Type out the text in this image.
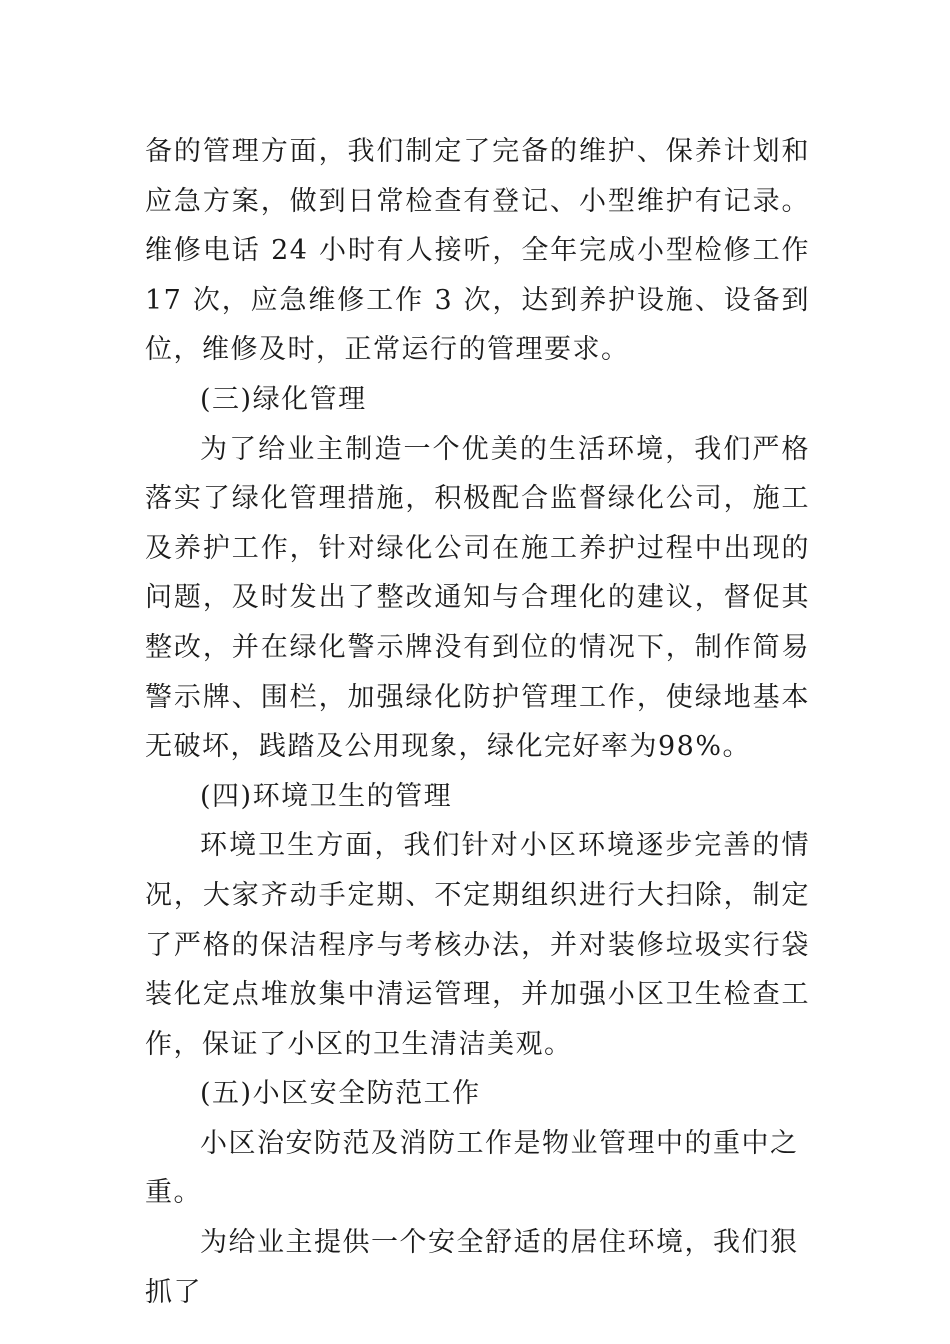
备的管理方面，我们制定了完备的维护、保养计划和应急方案，做到日常检查有登记、小型维护有记录。维修电话 24 小时有人接听，全年完成小型检修工作 17 次，应急维修工作 3 次，达到养护设施、设备到位，维修及时，正常运行的管理要求。

(三)绿化管理

为了给业主制造一个优美的生活环境，我们严格落实了绿化管理措施，积极配合监督绿化公司，施工及养护工作，针对绿化公司在施工养护过程中出现的问题，及时发出了整改通知与合理化的建议，督促其整改，并在绿化警示牌没有到位的情况下，制作简易警示牌、围栏，加强绿化防护管理工作，使绿地基本无破坏，践踏及公用现象，绿化完好率为98%。

(四)环境卫生的管理

环境卫生方面，我们针对小区环境逐步完善的情况，大家齐动手定期、不定期组织进行大扫除，制定了严格的保洁程序与考核办法，并对装修垃圾实行袋装化定点堆放集中清运管理，并加强小区卫生检查工作，保证了小区的卫生清洁美观。

(五)小区安全防范工作

小区治安防范及消防工作是物业管理中的重中之重。

为给业主提供一个安全舒适的居住环境，我们狠抓了
